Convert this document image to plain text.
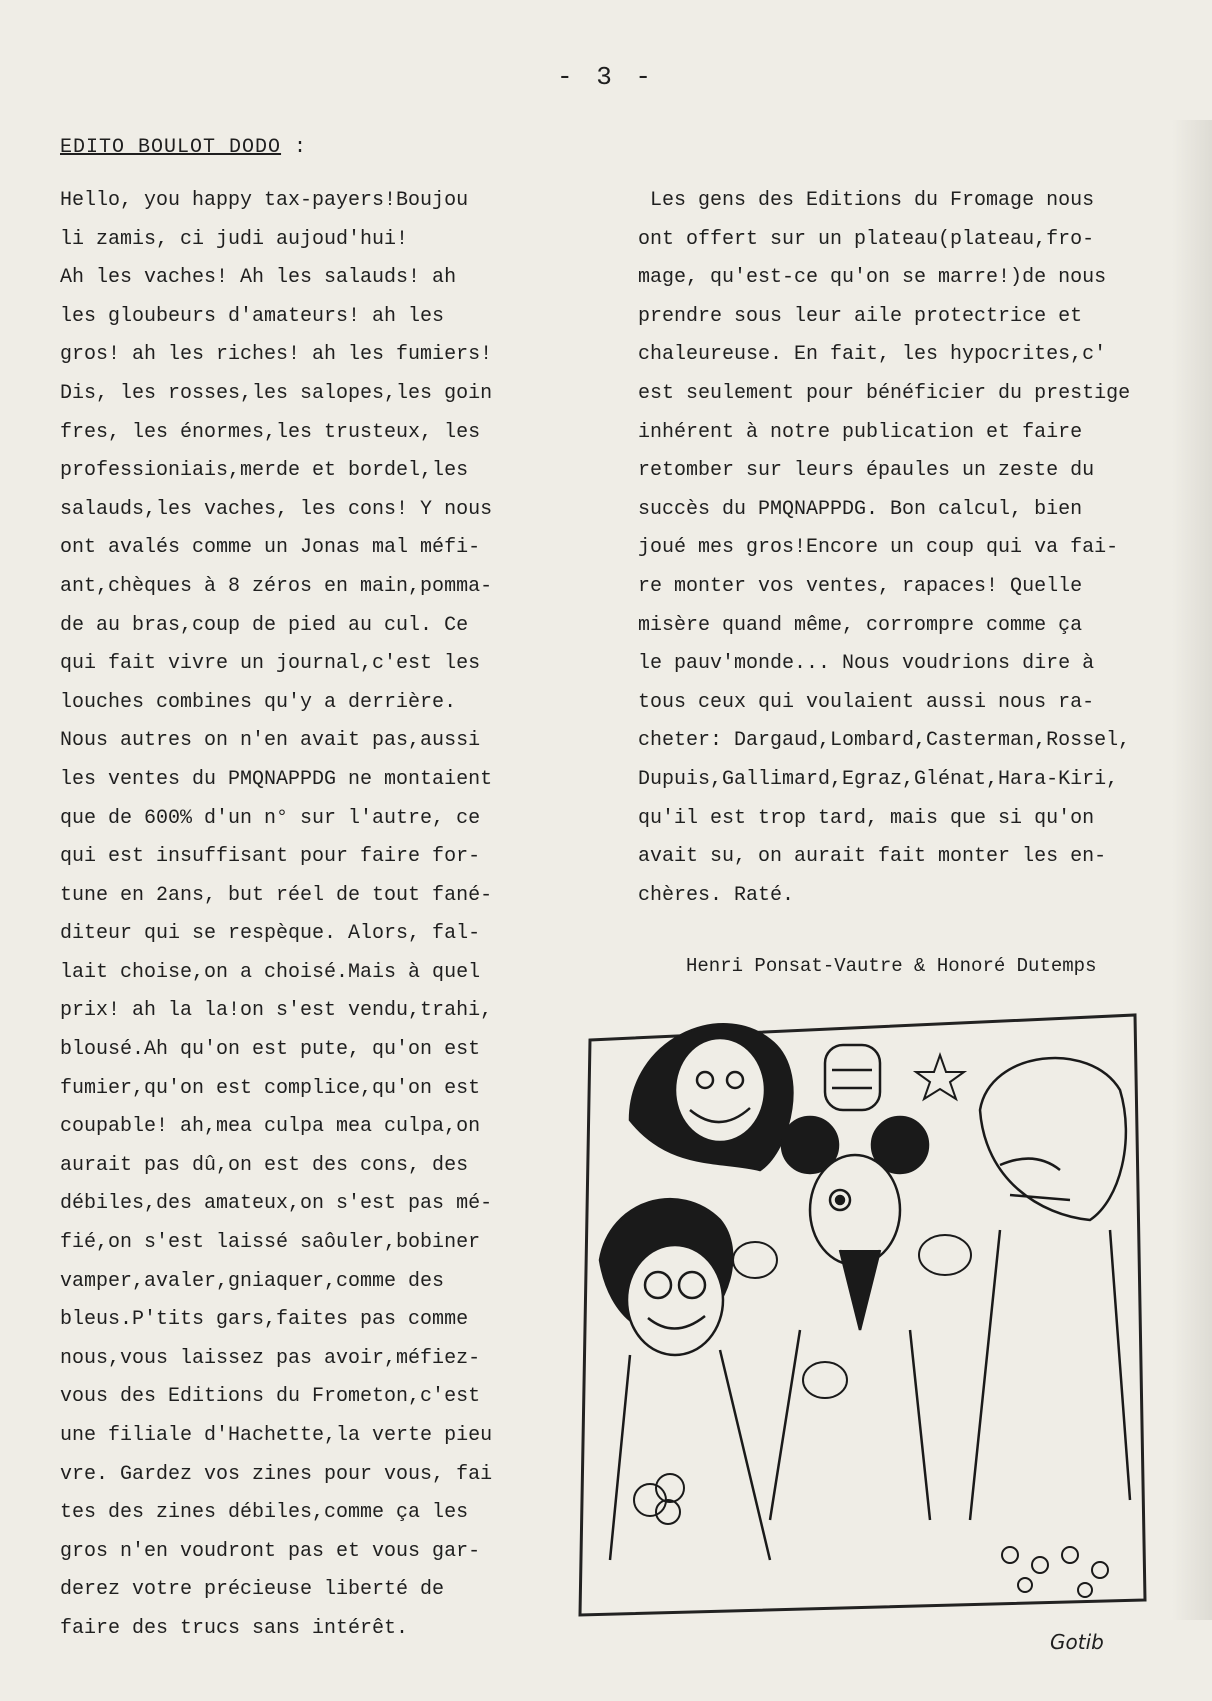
- 3 -
EDITO BOULOT DODO :
Hello, you happy tax-payers!Boujou
li zamis, ci judi aujoud'hui!
Ah les vaches! Ah les salauds! ah
les gloubeurs d'amateurs! ah les
gros! ah les riches! ah les fumiers!
Dis, les rosses,les salopes,les goin
fres, les énormes,les trusteux, les
professioniais,merde et bordel,les
salauds,les vaches, les cons! Y nous
ont avalés comme un Jonas mal méfi-
ant,chèques à 8 zéros en main,pomma-
de au bras,coup de pied au cul. Ce
qui fait vivre un journal,c'est les
louches combines qu'y a derrière.
Nous autres on n'en avait pas,aussi
les ventes du PMQNAPPDG ne montaient
que de 600% d'un n° sur l'autre, ce
qui est insuffisant pour faire for-
tune en 2ans, but réel de tout fané-
diteur qui se respèque. Alors, fal-
lait choise,on a choisé.Mais à quel
prix! ah la la!on s'est vendu,trahi,
blousé.Ah qu'on est pute, qu'on est
fumier,qu'on est complice,qu'on est
coupable! ah,mea culpa mea culpa,on
aurait pas dû,on est des cons, des
débiles,des amateux,on s'est pas mé-
fié,on s'est laissé saôuler,bobiner
vamper,avaler,gniaquer,comme des
bleus.P'tits gars,faites pas comme
nous,vous laissez pas avoir,méfiez-
vous des Editions du Frometon,c'est
une filiale d'Hachette,la verte pieu
vre. Gardez vos zines pour vous, fai
tes des zines débiles,comme ça les
gros n'en voudront pas et vous gar-
derez votre précieuse liberté de
faire des trucs sans intérêt.
Les gens des Editions du Fromage nous
ont offert sur un plateau(plateau,fro-
mage, qu'est-ce qu'on se marre!)de nous
prendre sous leur aile protectrice et
chaleureuse. En fait, les hypocrites,c'
est seulement pour bénéficier du prestige
inhérent à notre publication et faire
retomber sur leurs épaules un zeste du
succès du PMQNAPPDG. Bon calcul, bien
joué mes gros!Encore un coup qui va fai-
re monter vos ventes, rapaces! Quelle
misère quand même, corrompre comme ça
le pauv'monde... Nous voudrions dire à
tous ceux qui voulaient aussi nous ra-
cheter: Dargaud,Lombard,Casterman,Rossel,
Dupuis,Gallimard,Egraz,Glénat,Hara-Kiri,
qu'il est trop tard, mais que si qu'on
avait su, on aurait fait monter les en-
chères. Raté.
Henri Ponsat-Vautre & Honoré Dutemps
Gotib
